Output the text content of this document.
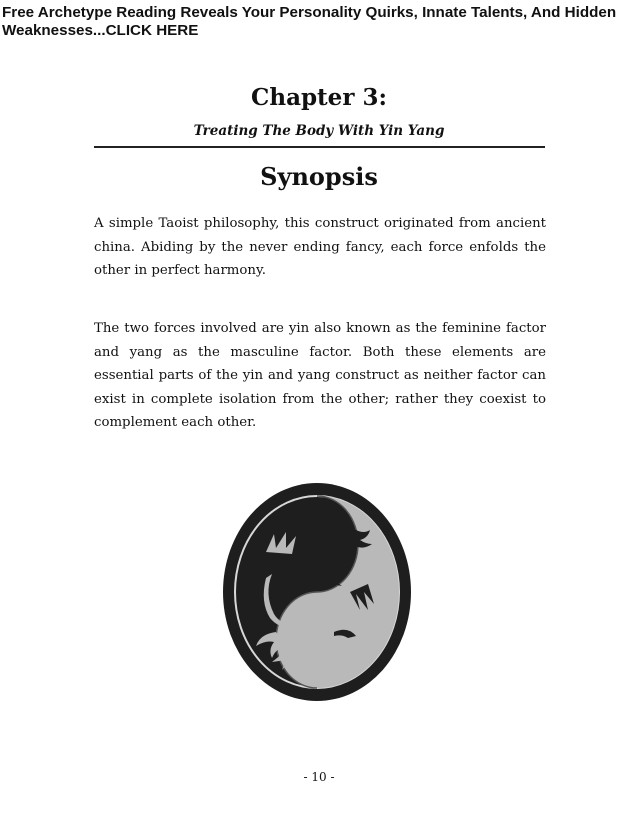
Free Archetype Reading Reveals Your Personality Quirks, Innate Talents, And Hidden Weaknesses...CLICK HERE
Chapter 3:
Treating The Body With Yin Yang
Synopsis

A simple Taoist philosophy, this construct originated from ancient china. Abiding by the never ending fancy, each force enfolds the other in perfect harmony.

The two forces involved are yin also known as the feminine factor and yang as the masculine factor. Both these elements are essential parts of the yin and yang construct as neither factor can exist in complete isolation from the other; rather they coexist to complement each other.

- 10 -
